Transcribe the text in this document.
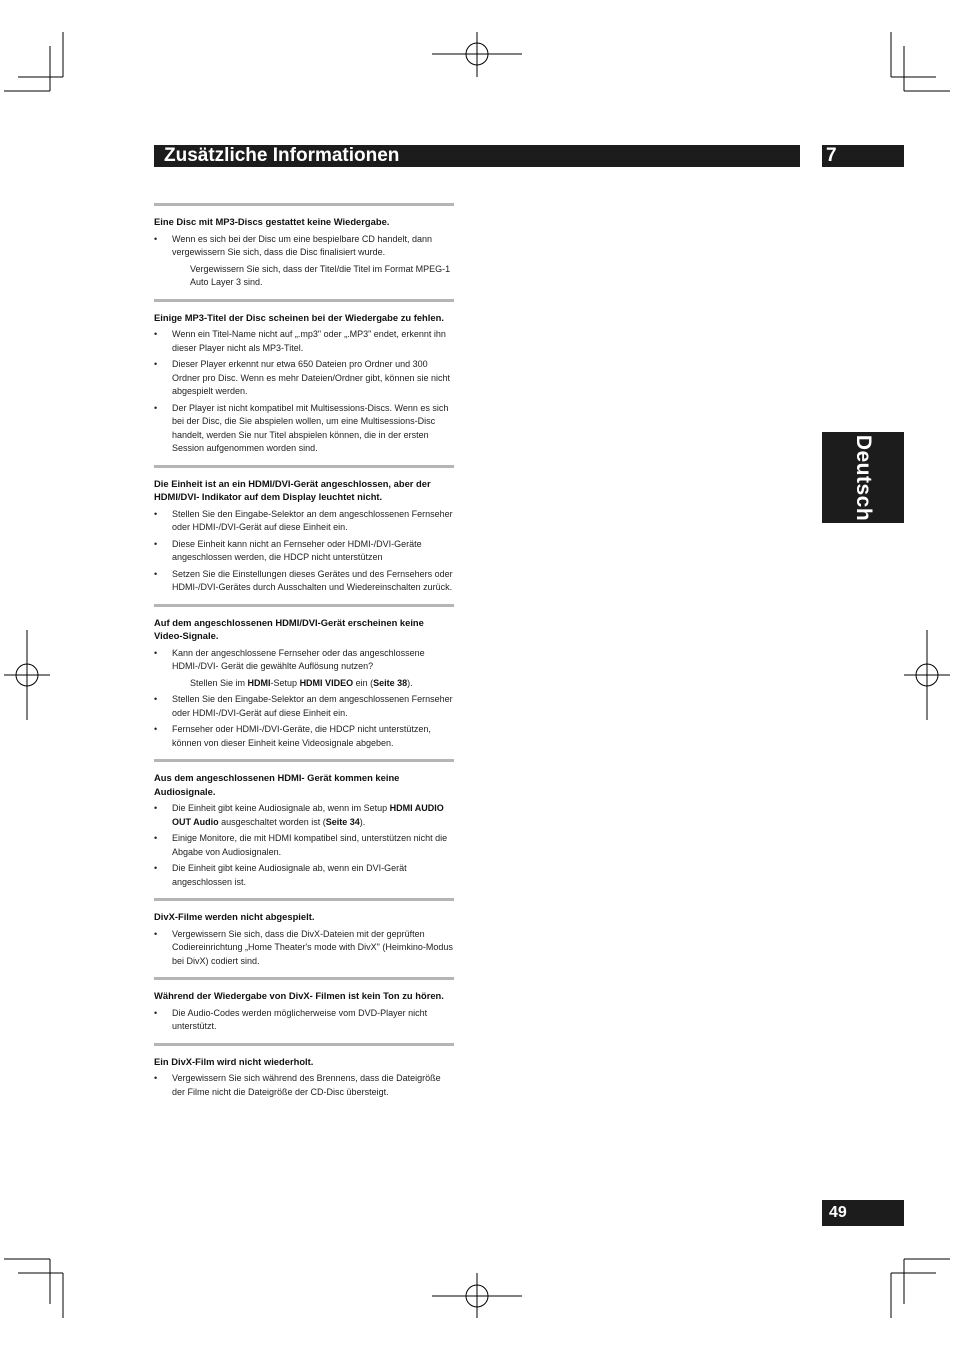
Zusätzliche Informationen	7
Deutsch
49
Eine Disc mit MP3-Discs gestattet keine Wiedergabe.
• Wenn es sich bei der Disc um eine bespielbare CD handelt, dann vergewissern Sie sich, dass die Disc finalisiert wurde.
Vergewissern Sie sich, dass der Titel/die Titel im Format MPEG-1 Auto Layer 3 sind.
Einige MP3-Titel der Disc scheinen bei der Wiedergabe zu fehlen.
• Wenn ein Titel-Name nicht auf „.mp3" oder „.MP3" endet, erkennt ihn dieser Player nicht als MP3-Titel.
• Dieser Player erkennt nur etwa 650 Dateien pro Ordner und 300 Ordner pro Disc. Wenn es mehr Dateien/Ordner gibt, können sie nicht abgespielt werden.
• Der Player ist nicht kompatibel mit Multisessions-Discs. Wenn es sich bei der Disc, die Sie abspielen wollen, um eine Multisessions-Disc handelt, werden Sie nur Titel abspielen können, die in der ersten Session aufgenommen worden sind.
Die Einheit ist an ein HDMI/DVI-Gerät angeschlossen, aber der HDMI/DVI- Indikator auf dem Display leuchtet nicht.
• Stellen Sie den Eingabe-Selektor an dem angeschlossenen Fernseher oder HDMI-/DVI-Gerät auf diese Einheit ein.
• Diese Einheit kann nicht an Fernseher oder HDMI-/DVI-Geräte angeschlossen werden, die HDCP nicht unterstützen
• Setzen Sie die Einstellungen dieses Gerätes und des Fernsehers oder HDMI-/DVI-Gerätes durch Ausschalten und Wiedereinschalten zurück.
Auf dem angeschlossenen HDMI/DVI-Gerät erscheinen keine Video-Signale.
• Kann der angeschlossene Fernseher oder das angeschlossene HDMI-/DVI- Gerät die gewählte Auflösung nutzen?
Stellen Sie im HDMI-Setup HDMI VIDEO ein (Seite 38).
• Stellen Sie den Eingabe-Selektor an dem angeschlossenen Fernseher oder HDMI-/DVI-Gerät auf diese Einheit ein.
• Fernseher oder HDMI-/DVI-Geräte, die HDCP nicht unterstützen, können von dieser Einheit keine Videosignale abgeben.
Aus dem angeschlossenen HDMI- Gerät kommen keine Audiosignale.
• Die Einheit gibt keine Audiosignale ab, wenn im Setup HDMI AUDIO OUT Audio ausgeschaltet worden ist (Seite 34).
• Einige Monitore, die mit HDMI kompatibel sind, unterstützen nicht die Abgabe von Audiosignalen.
• Die Einheit gibt keine Audiosignale ab, wenn ein DVI-Gerät angeschlossen ist.
DivX-Filme werden nicht abgespielt.
• Vergewissern Sie sich, dass die DivX-Dateien mit der geprüften Codiereinrichtung „Home Theater's mode with DivX" (Heimkino-Modus bei DivX) codiert sind.
Während der Wiedergabe von DivX- Filmen ist kein Ton zu hören.
• Die Audio-Codes werden möglicherweise vom DVD-Player nicht unterstützt.
Ein DivX-Film wird nicht wiederholt.
• Vergewissern Sie sich während des Brennens, dass die Dateigröße der Filme nicht die Dateigröße der CD-Disc übersteigt.
